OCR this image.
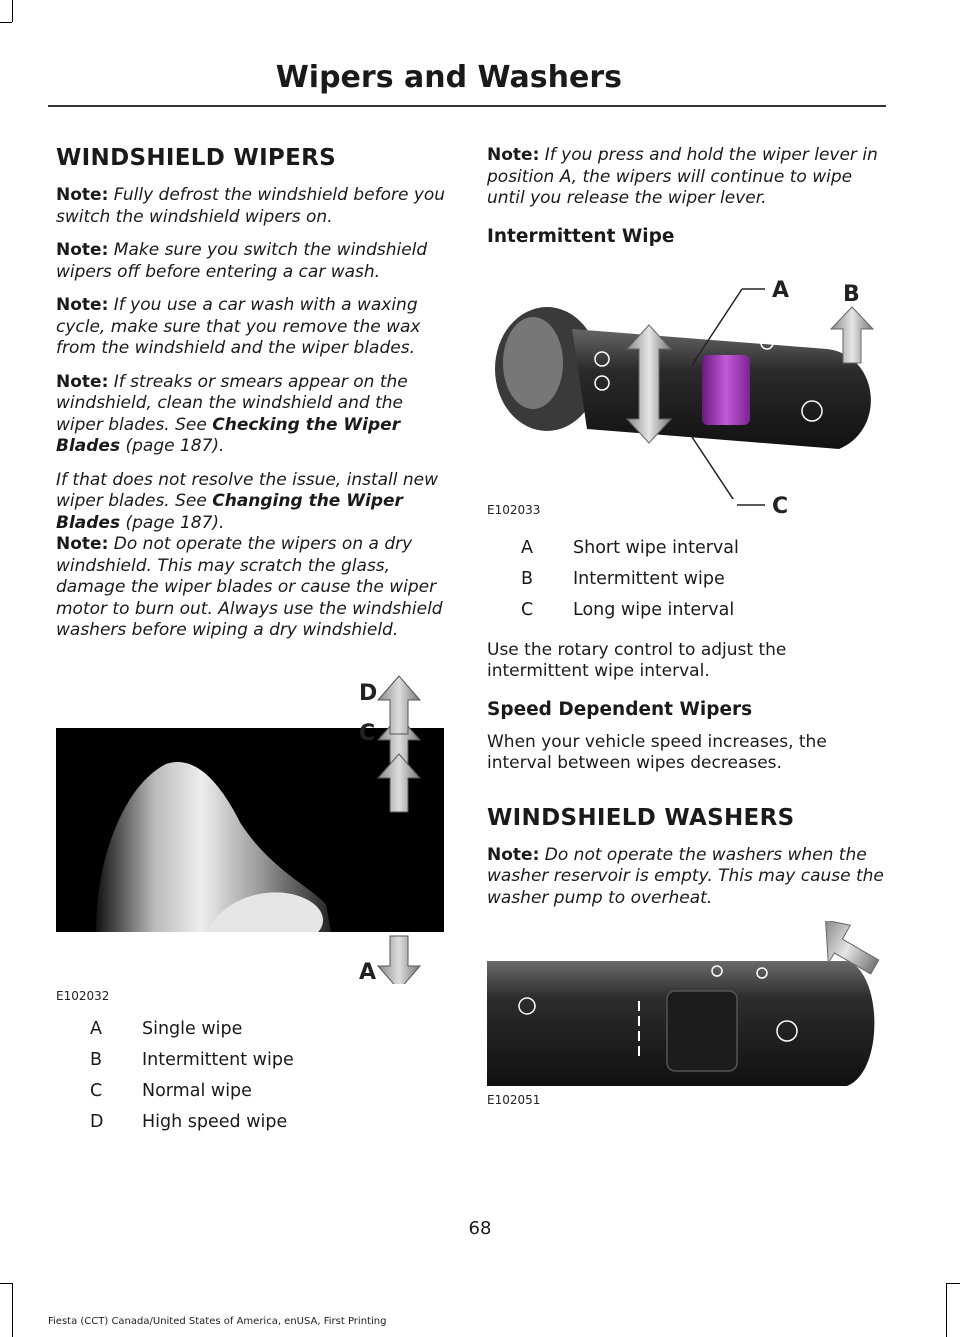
Wipers and Washers
WINDSHIELD WIPERS

Note: Fully defrost the windshield before you switch the windshield wipers on.

Note: Make sure you switch the windshield wipers off before entering a car wash.

Note: If you use a car wash with a waxing cycle, make sure that you remove the wax from the windshield and the wiper blades.

Note: If streaks or smears appear on the windshield, clean the windshield and the wiper blades. See Checking the Wiper Blades (page 187).

If that does not resolve the issue, install new wiper blades. See Changing the Wiper Blades (page 187).

Note: Do not operate the wipers on a dry windshield. This may scratch the glass, damage the wiper blades or cause the wiper motor to burn out. Always use the windshield washers before wiping a dry windshield.

D
C
A
E102032
A	Single wipe
B	Intermittent wipe
C	Normal wipe
D	High speed wipe

Note: If you press and hold the wiper lever in position A, the wipers will continue to wipe until you release the wiper lever.

Intermittent Wipe
A B
C
E102033
A	Short wipe interval
B	Intermittent wipe
C	Long wipe interval

Use the rotary control to adjust the intermittent wipe interval.

Speed Dependent Wipers

When your vehicle speed increases, the interval between wipes decreases.

WINDSHIELD WASHERS

Note: Do not operate the washers when the washer reservoir is empty. This may cause the washer pump to overheat.

E102051
68
Fiesta (CCT) Canada/United States of America, enUSA, First Printing
